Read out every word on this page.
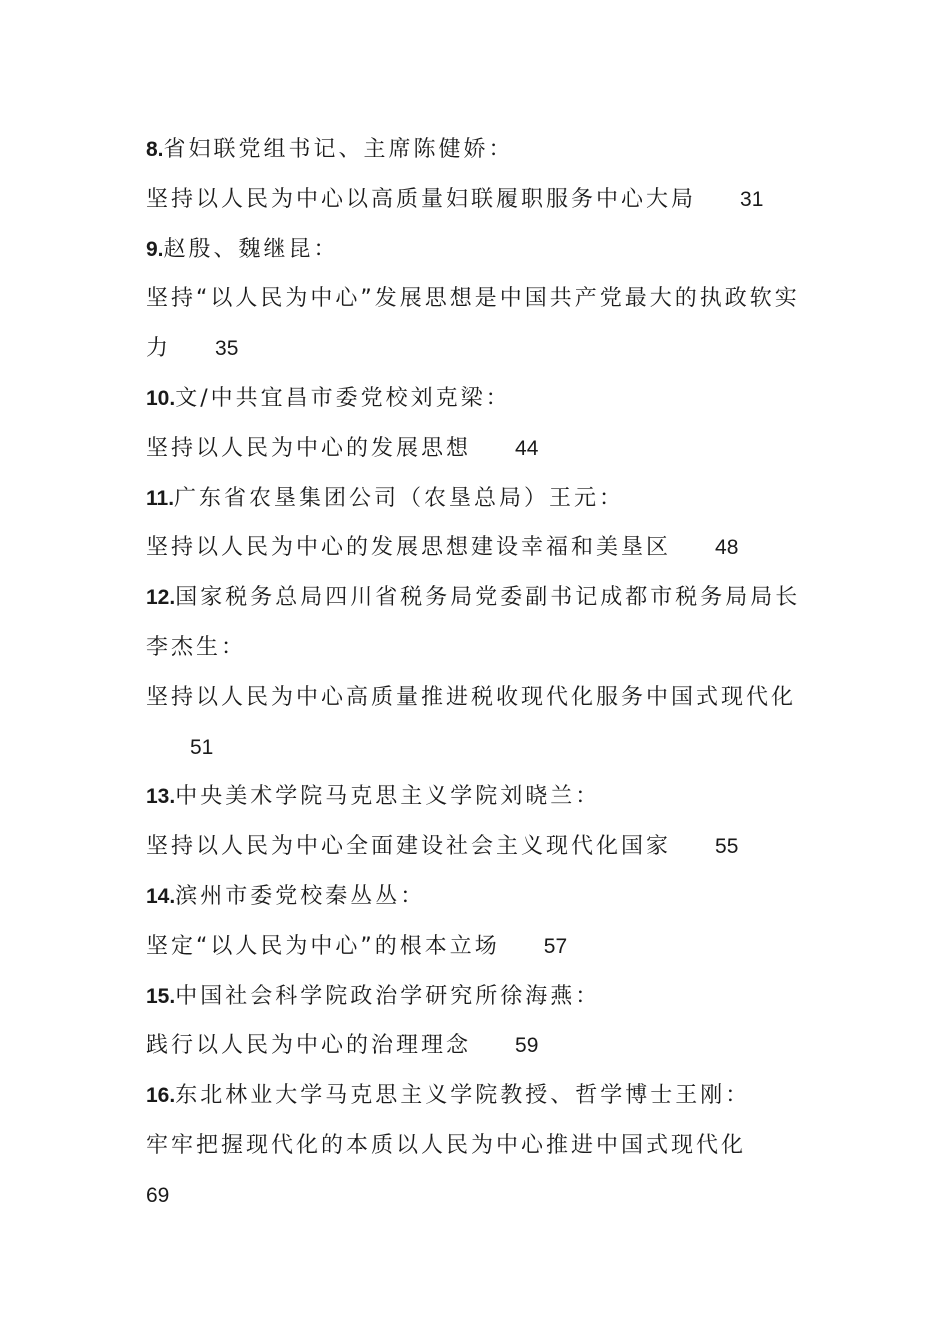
8.省妇联党组书记、主席陈健娇：
坚持以人民为中心以高质量妇联履职服务中心大局 31
9.赵殷、魏继昆：
坚持“以人民为中心”发展思想是中国共产党最大的执政软实力 35
10.文/中共宜昌市委党校刘克梁：
坚持以人民为中心的发展思想 44
11.广东省农垦集团公司（农垦总局）王元：
坚持以人民为中心的发展思想建设幸福和美垦区 48
12.国家税务总局四川省税务局党委副书记成都市税务局局长李杰生：
坚持以人民为中心高质量推进税收现代化服务中国式现代化51
13.中央美术学院马克思主义学院刘晓兰：
坚持以人民为中心全面建设社会主义现代化国家 55
14.滨州市委党校秦丛丛：
坚定“以人民为中心”的根本立场 57
15.中国社会科学院政治学研究所徐海燕：
践行以人民为中心的治理理念 59
16.东北林业大学马克思主义学院教授、哲学博士王刚：
牢牢把握现代化的本质以人民为中心推进中国式现代化
69
